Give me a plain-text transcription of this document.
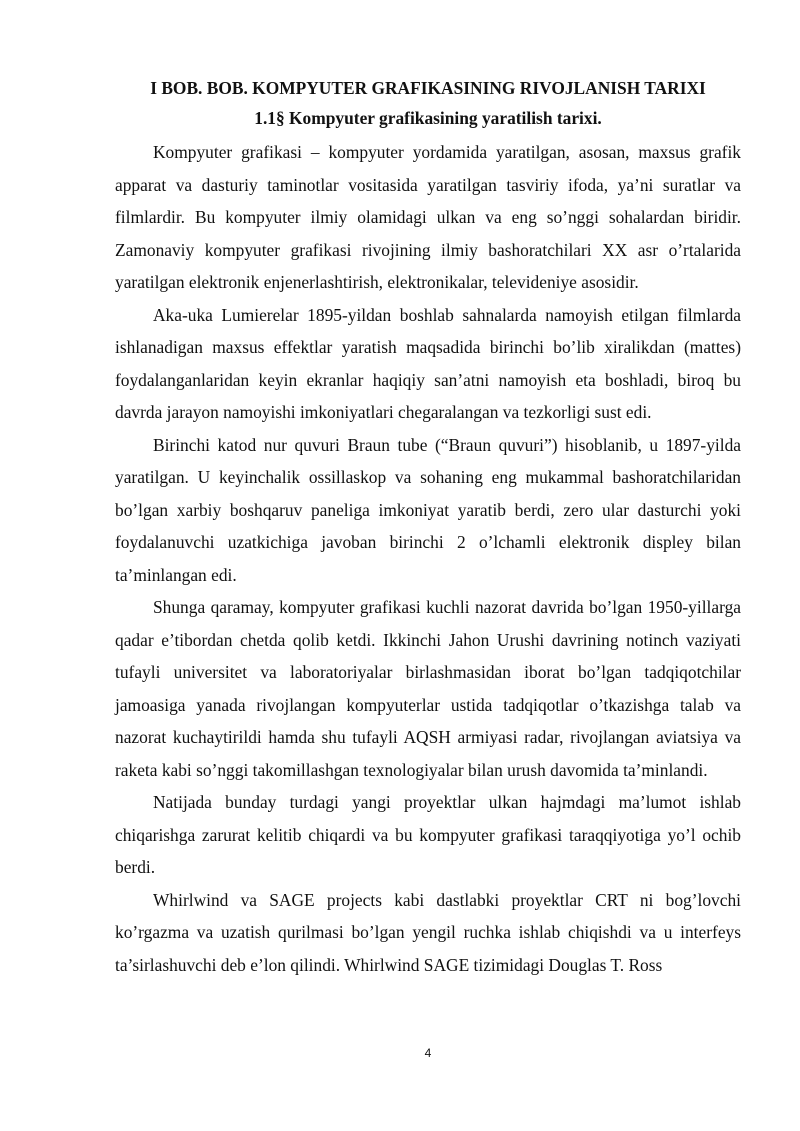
I BOB. BOB. KOMPYUTER GRAFIKASINING RIVOJLANISH TARIXI
1.1§ Kompyuter grafikasining yaratilish tarixi.

Kompyuter grafikasi – kompyuter yordamida yaratilgan, asosan, maxsus grafik apparat va dasturiy taminotlar vositasida yaratilgan tasviriy ifoda, ya’ni suratlar va filmlardir. Bu kompyuter ilmiy olamidagi ulkan va eng so’nggi sohalardan biridir. Zamonaviy kompyuter grafikasi rivojining ilmiy bashoratchilari XX asr o’rtalarida yaratilgan elektronik enjenerlashtirish, elektronikalar, televideniye asosidir.

Aka-uka Lumierelar 1895-yildan boshlab sahnalarda namoyish etilgan filmlarda ishlanadigan maxsus effektlar yaratish maqsadida birinchi bo’lib xiralikdan (mattes) foydalanganlaridan keyin ekranlar haqiqiy san’atni namoyish eta boshladi, biroq bu davrda jarayon namoyishi imkoniyatlari chegaralangan va tezkorligi sust edi.

Birinchi katod nur quvuri Braun tube (“Braun quvuri”) hisoblanib, u 1897-yilda yaratilgan. U keyinchalik ossillaskop va sohaning eng mukammal bashoratchilaridan bo’lgan xarbiy boshqaruv paneliga imkoniyat yaratib berdi, zero ular dasturchi yoki foydalanuvchi uzatkichiga javoban birinchi 2 o’lchamli elektronik displey bilan ta’minlangan edi.

Shunga qaramay, kompyuter grafikasi kuchli nazorat davrida bo’lgan 1950-yillarga qadar e’tibordan chetda qolib ketdi. Ikkinchi Jahon Urushi davrining notinch vaziyati tufayli universitet va laboratoriyalar birlashmasidan iborat bo’lgan tadqiqotchilar jamoasiga yanada rivojlangan kompyuterlar ustida tadqiqotlar o’tkazishga talab va nazorat kuchaytirildi hamda shu tufayli AQSH armiyasi radar, rivojlangan aviatsiya va raketa kabi so’nggi takomillashgan texnologiyalar bilan urush davomida ta’minlandi.

Natijada bunday turdagi yangi proyektlar ulkan hajmdagi ma’lumot ishlab chiqarishga zarurat kelitib chiqardi va bu kompyuter grafikasi taraqqiyotiga yo’l ochib berdi.

Whirlwind va SAGE projects kabi dastlabki proyektlar CRT ni bog’lovchi ko’rgazma va uzatish qurilmasi bo’lgan yengil ruchka ishlab chiqishdi va u interfeys ta’sirlashuvchi deb e’lon qilindi. Whirlwind SAGE tizimidagi Douglas T. Ross

4
